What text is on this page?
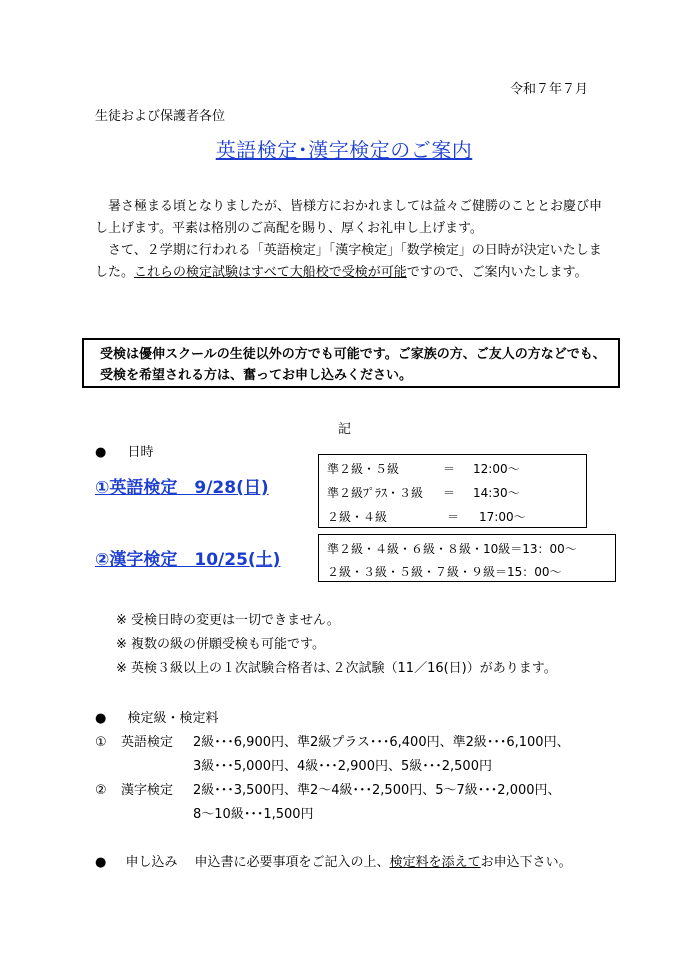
令和７年７月
生徒および保護者各位
英語検定･漢字検定のご案内
暑さ極まる頃となりましたが、皆様方におかれましては益々ご健勝のこととお慶び申し上げます。平素は格別のご高配を賜り、厚くお礼申し上げます。
さて、２学期に行われる「英語検定」「漢字検定」「数学検定」の日時が決定いたしました。これらの検定試験はすべて大船校で受検が可能ですので、ご案内いたします。
受検は優伸スクールの生徒以外の方でも可能です。ご家族の方、ご友人の方などでも、受検を希望される方は、奮ってお申し込みください。
記
● 日時
①英語検定　9/28(日)
準２級・５級	＝ 12:00～
準２級ﾌﾟﾗｽ・３級 ＝ 14:30～
２級・４級	＝ 17:00～
②漢字検定　10/25(土)
準２級・４級・６級・８級・10級＝13：00～
２級・３級・５級・７級・９級＝15：00～
※ 受検日時の変更は一切できません。
※ 複数の級の併願受検も可能です。
※ 英検３級以上の１次試験合格者は､２次試験（11／16(日)）があります。
● 検定級・検定料
① 英語検定 2級･･･6,900円、準2級プラス･･･6,400円、準2級･･･6,100円、
3級･･･5,000円、4級･･･2,900円、5級･･･2,500円
② 漢字検定 2級･･･3,500円、準2～4級･･･2,500円、5～7級･･･2,000円、
8～10級･･･1,500円
● 申し込み 申込書に必要事項をご記入の上、検定料を添えてお申込下さい。
